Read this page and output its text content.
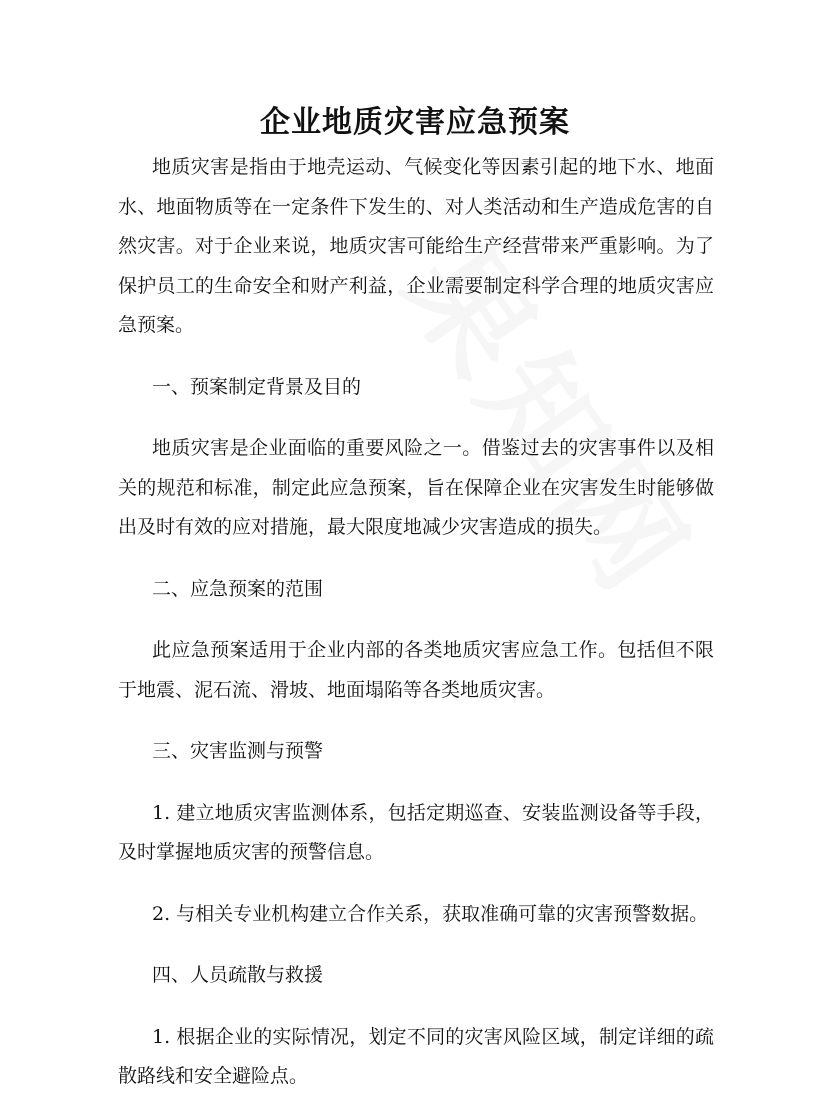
企业地质灾害应急预案

地质灾害是指由于地壳运动、气候变化等因素引起的地下水、地面水、地面物质等在一定条件下发生的、对人类活动和生产造成危害的自然灾害。对于企业来说，地质灾害可能给生产经营带来严重影响。为了保护员工的生命安全和财产利益，企业需要制定科学合理的地质灾害应急预案。

一、预案制定背景及目的

地质灾害是企业面临的重要风险之一。借鉴过去的灾害事件以及相关的规范和标准，制定此应急预案，旨在保障企业在灾害发生时能够做出及时有效的应对措施，最大限度地减少灾害造成的损失。

二、应急预案的范围

此应急预案适用于企业内部的各类地质灾害应急工作。包括但不限于地震、泥石流、滑坡、地面塌陷等各类地质灾害。

三、灾害监测与预警

1. 建立地质灾害监测体系，包括定期巡查、安装监测设备等手段，及时掌握地质灾害的预警信息。

2. 与相关专业机构建立合作关系，获取准确可靠的灾害预警数据。

四、人员疏散与救援

1. 根据企业的实际情况，划定不同的灾害风险区域，制定详细的疏散路线和安全避险点。
